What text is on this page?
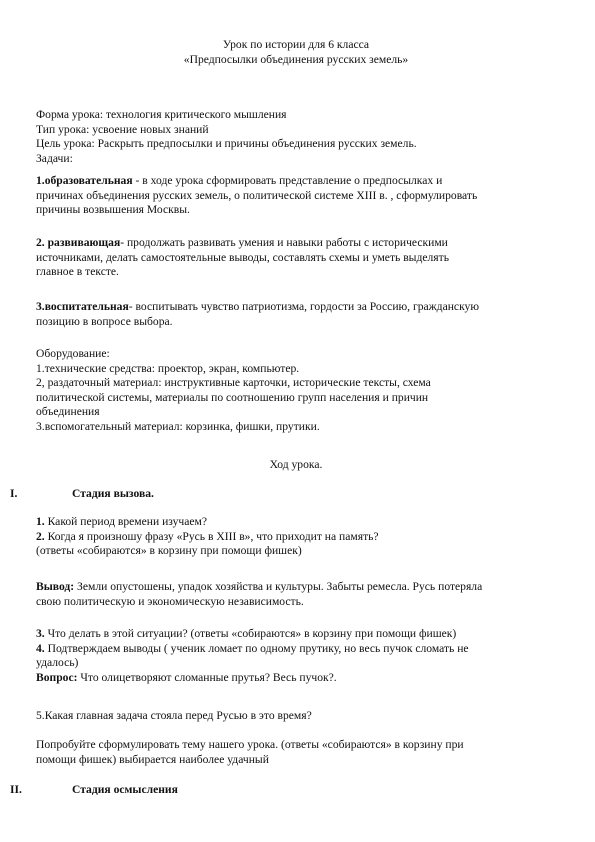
Урок по истории для 6 класса

«Предпосылки объединения русских земель»

Форма урока: технология критического мышления

Тип урока: усвоение новых знаний

Цель урока: Раскрыть предпосылки и причины объединения русских земель.

Задачи:

1.образовательная - в ходе урока сформировать представление о предпосылках и

причинах объединения русских земель, о политической системе XIII в. , сформулировать

причины возвышения Москвы.

2. развивающая- продолжать развивать умения и навыки работы с историческими

источниками, делать самостоятельные выводы, составлять схемы и уметь выделять

главное в тексте.

3.воспитательная- воспитывать чувство патриотизма, гордости за Россию, гражданскую

позицию в вопросе выбора.

Оборудование:

1.технические средства: проектор, экран, компьютер.

2, раздаточный материал: инструктивные карточки, исторические тексты, схема

политической системы, материалы по соотношению групп населения и причин

объединения

3.вспомогательный материал: корзинка, фишки, прутики.

Ход урока.
I.	Стадия вызова.

1. Какой период времени изучаем?

2. Когда я произношу фразу «Русь в XIII в», что приходит на память?

(ответы «собираются» в корзину при помощи фишек)

Вывод: Земли опустошены, упадок хозяйства и культуры. Забыты ремесла. Русь потеряла

свою политическую и экономическую независимость.

3. Что делать в этой ситуации? (ответы «собираются» в корзину при помощи фишек)

4. Подтверждаем выводы ( ученик ломает по одному прутику, но весь пучок сломать не

удалось)

Вопрос: Что олицетворяют сломанные прутья? Весь пучок?.

5.Какая главная задача стояла перед Русью в это время?

Попробуйте сформулировать тему нашего урока. (ответы «собираются» в корзину при

помощи фишек) выбирается наиболее удачный

II.	Стадия осмысления
